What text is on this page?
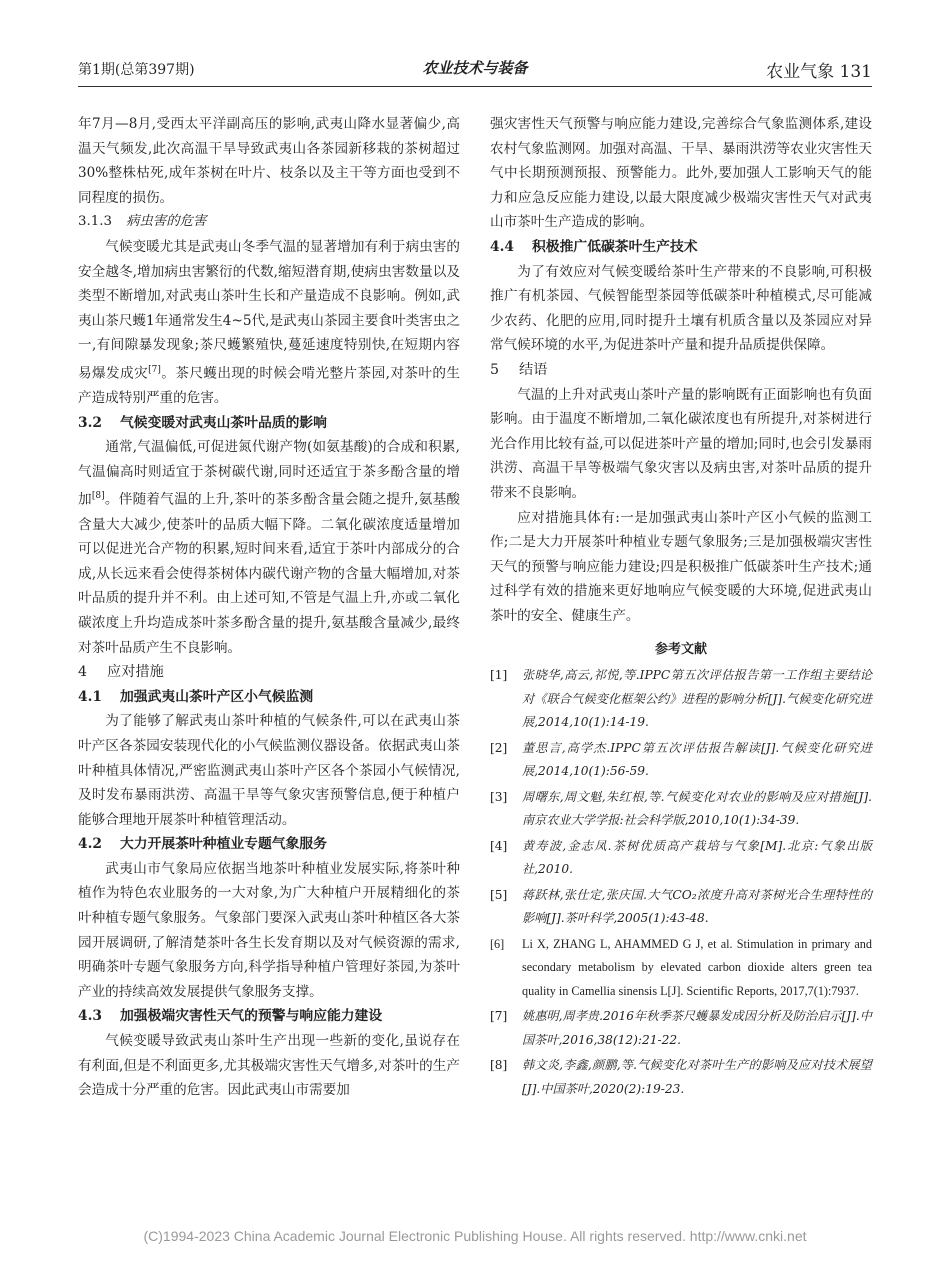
第1期(总第397期)	农业技术与装备	农业气象 131

年7月—8月,受西太平洋副高压的影响,武夷山降水显著偏少,高温天气频发,此次高温干旱导致武夷山各茶园新移栽的茶树超过30%整株枯死,成年茶树在叶片、枝条以及主干等方面也受到不同程度的损伤。

3.1.3 病虫害的危害

气候变暖尤其是武夷山冬季气温的显著增加有利于病虫害的安全越冬,增加病虫害繁衍的代数,缩短潜育期,使病虫害数量以及类型不断增加,对武夷山茶叶生长和产量造成不良影响。例如,武夷山茶尺蠖1年通常发生4~5代,是武夷山茶园主要食叶类害虫之一,有间隙暴发现象;茶尺蠖繁殖快,蔓延速度特别快,在短期内容易爆发成灾[7]。茶尺蠖出现的时候会啃光整片茶园,对茶叶的生产造成特别严重的危害。

3.2 气候变暖对武夷山茶叶品质的影响

通常,气温偏低,可促进氮代谢产物(如氨基酸)的合成和积累,气温偏高时则适宜于茶树碳代谢,同时还适宜于茶多酚含量的增加[8]。伴随着气温的上升,茶叶的茶多酚含量会随之提升,氨基酸含量大大减少,使茶叶的品质大幅下降。二氧化碳浓度适量增加可以促进光合产物的积累,短时间来看,适宜于茶叶内部成分的合成,从长远来看会使得茶树体内碳代谢产物的含量大幅增加,对茶叶品质的提升并不利。由上述可知,不管是气温上升,亦或二氧化碳浓度上升均造成茶叶茶多酚含量的提升,氨基酸含量减少,最终对茶叶品质产生不良影响。

4 应对措施
4.1 加强武夷山茶叶产区小气候监测

为了能够了解武夷山茶叶种植的气候条件,可以在武夷山茶叶产区各茶园安装现代化的小气候监测仪器设备。依据武夷山茶叶种植具体情况,严密监测武夷山茶叶产区各个茶园小气候情况,及时发布暴雨洪涝、高温干旱等气象灾害预警信息,便于种植户能够合理地开展茶叶种植管理活动。

4.2 大力开展茶叶种植业专题气象服务

武夷山市气象局应依据当地茶叶种植业发展实际,将茶叶种植作为特色农业服务的一大对象,为广大种植户开展精细化的茶叶种植专题气象服务。气象部门要深入武夷山茶叶种植区各大茶园开展调研,了解清楚茶叶各生长发育期以及对气候资源的需求,明确茶叶专题气象服务方向,科学指导种植户管理好茶园,为茶叶产业的持续高效发展提供气象服务支撑。

4.3 加强极端灾害性天气的预警与响应能力建设

气候变暖导致武夷山茶叶生产出现一些新的变化,虽说存在有利面,但是不利面更多,尤其极端灾害性天气增多,对茶叶的生产会造成十分严重的危害。因此武夷山市需要加

强灾害性天气预警与响应能力建设,完善综合气象监测体系,建设农村气象监测网。加强对高温、干旱、暴雨洪涝等农业灾害性天气中长期预测预报、预警能力。此外,要加强人工影响天气的能力和应急反应能力建设,以最大限度减少极端灾害性天气对武夷山市茶叶生产造成的影响。

4.4 积极推广低碳茶叶生产技术

为了有效应对气候变暖给茶叶生产带来的不良影响,可积极推广有机茶园、气候智能型茶园等低碳茶叶种植模式,尽可能减少农药、化肥的应用,同时提升土壤有机质含量以及茶园应对异常气候环境的水平,为促进茶叶产量和提升品质提供保障。

5 结语

气温的上升对武夷山茶叶产量的影响既有正面影响也有负面影响。由于温度不断增加,二氧化碳浓度也有所提升,对茶树进行光合作用比较有益,可以促进茶叶产量的增加;同时,也会引发暴雨洪涝、高温干旱等极端气象灾害以及病虫害,对茶叶品质的提升带来不良影响。

应对措施具体有:一是加强武夷山茶叶产区小气候的监测工作;二是大力开展茶叶种植业专题气象服务;三是加强极端灾害性天气的预警与响应能力建设;四是积极推广低碳茶叶生产技术;通过科学有效的措施来更好地响应气候变暖的大环境,促进武夷山茶叶的安全、健康生产。

参考文献
[1] 张晓华,高云,祁悦,等.IPPC第五次评估报告第一工作组主要结论对《联合气候变化框架公约》进程的影响分析[J].气候变化研究进展,2014,10(1):14-19.
[2] 董思言,高学杰.IPPC第五次评估报告解读[J].气候变化研究进展,2014,10(1):56-59.
[3] 周曙东,周文魁,朱红根,等.气候变化对农业的影响及应对措施[J].南京农业大学学报:社会科学版,2010,10(1):34-39.
[4] 黄寿波,金志凤.茶树优质高产栽培与气象[M].北京:气象出版社,2010.
[5] 蒋跃林,张仕定,张庆国.大气CO₂浓度升高对茶树光合生理特性的影响[J].茶叶科学,2005(1):43-48.
[6] Li X, ZHANG L, AHAMMED G J, et al. Stimulation in primary and secondary metabolism by elevated carbon dioxide alters green tea quality in Camellia sinensis L[J]. Scientific Reports, 2017,7(1):7937.
[7] 姚惠明,周孝贵.2016年秋季茶尺蠖暴发成因分析及防治启示[J].中国茶叶,2016,38(12):21-22.
[8] 韩文炎,李鑫,颜鹏,等.气候变化对茶叶生产的影响及应对技术展望[J].中国茶叶,2020(2):19-23.
(C)1994-2023 China Academic Journal Electronic Publishing House. All rights reserved. http://www.cnki.net
